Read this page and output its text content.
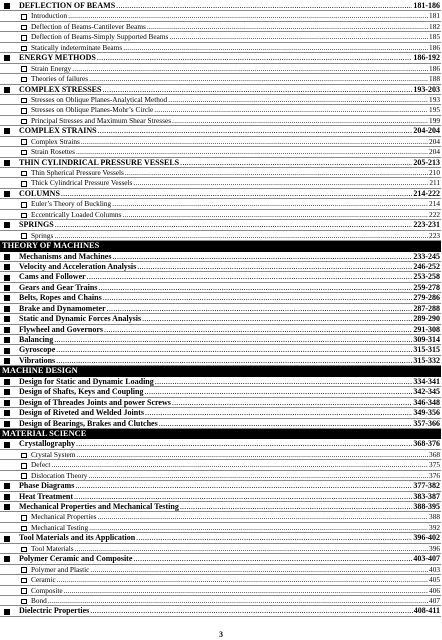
DEFLECTION OF BEAMS .....	181-186
Introduction .....	181
Deflection of Beams-Cantilever Beams .....	182
Deflection of Beams-Simply Supported Beams .....	185
Statically indeterminate Beams .....	186
ENERGY METHODS .....	186-192
Strain Energy .....	186
Theories of failures .....	188
COMPLEX STRESSES .....	193-203
Stresses on Oblique Planes-Analytical Method .....	193
Stresses on Oblique Planes-Mohr’s Circle .....	195
Principal Stresses and Maximum Shear Stresses .....	199
COMPLEX STRAINS .....	204-204
Complex Strains .....	204
Strain Rosettes .....	204
THIN CYLINDRICAL PRESSURE VESSELS .....	205-213
Thin Spherical Pressure Vessels .....	210
Thick Cylindrical Pressure Vessels .....	211
COLUMNS .....	214-222
Euler’s Theory of Buckling .....	214
Eccentrically Loaded Columns .....	222
SPRINGS .....	223-231
Springs .....	223
THEORY OF MACHINES
Mechanisms and Machines .....	233-245
Velocity and Acceleration Analysis .....	246-252
Cams and Follower .....	253-258
Gears and Gear Trains .....	259-278
Belts, Ropes and Chains .....	279-286
Brake and Dynamometer .....	287-288
Static and Dynamic Forces Analysis .....	289-290
Flywheel and Governors .....	291-308
Balancing .....	309-314
Gyroscope .....	315-315
Vibrations .....	315-332
MACHINE DESIGN
Design for Static and Dynamic Loading .....	334-341
Design of Shafts, Keys and Coupling .....	342-345
Design of Threades Joints and power Screws .....	346-348
Design of Riveted and Welded Joints .....	349-356
Design of Bearings, Brakes and Clutches .....	357-366
MATERIAL SCIENCE
Crystallography .....	368-376
Crystal System .....	368
Defect .....	375
Dislocation Theory .....	376
Phase Diagrams .....	377-382
Heat Treatment .....	383-387
Mechanical Properties and Mechanical Testing .....	388-395
Mechanical Properties .....	388
Mechanical Testing .....	392
Tool Materials and its Application .....	396-402
Tool Materials .....	396
Polymer Ceramic and Composite .....	403-407
Polymer and Plastic .....	403
Ceramic .....	405
Composite .....	406
Bond .....	407
Dielectric Properties .....	408-411
3
